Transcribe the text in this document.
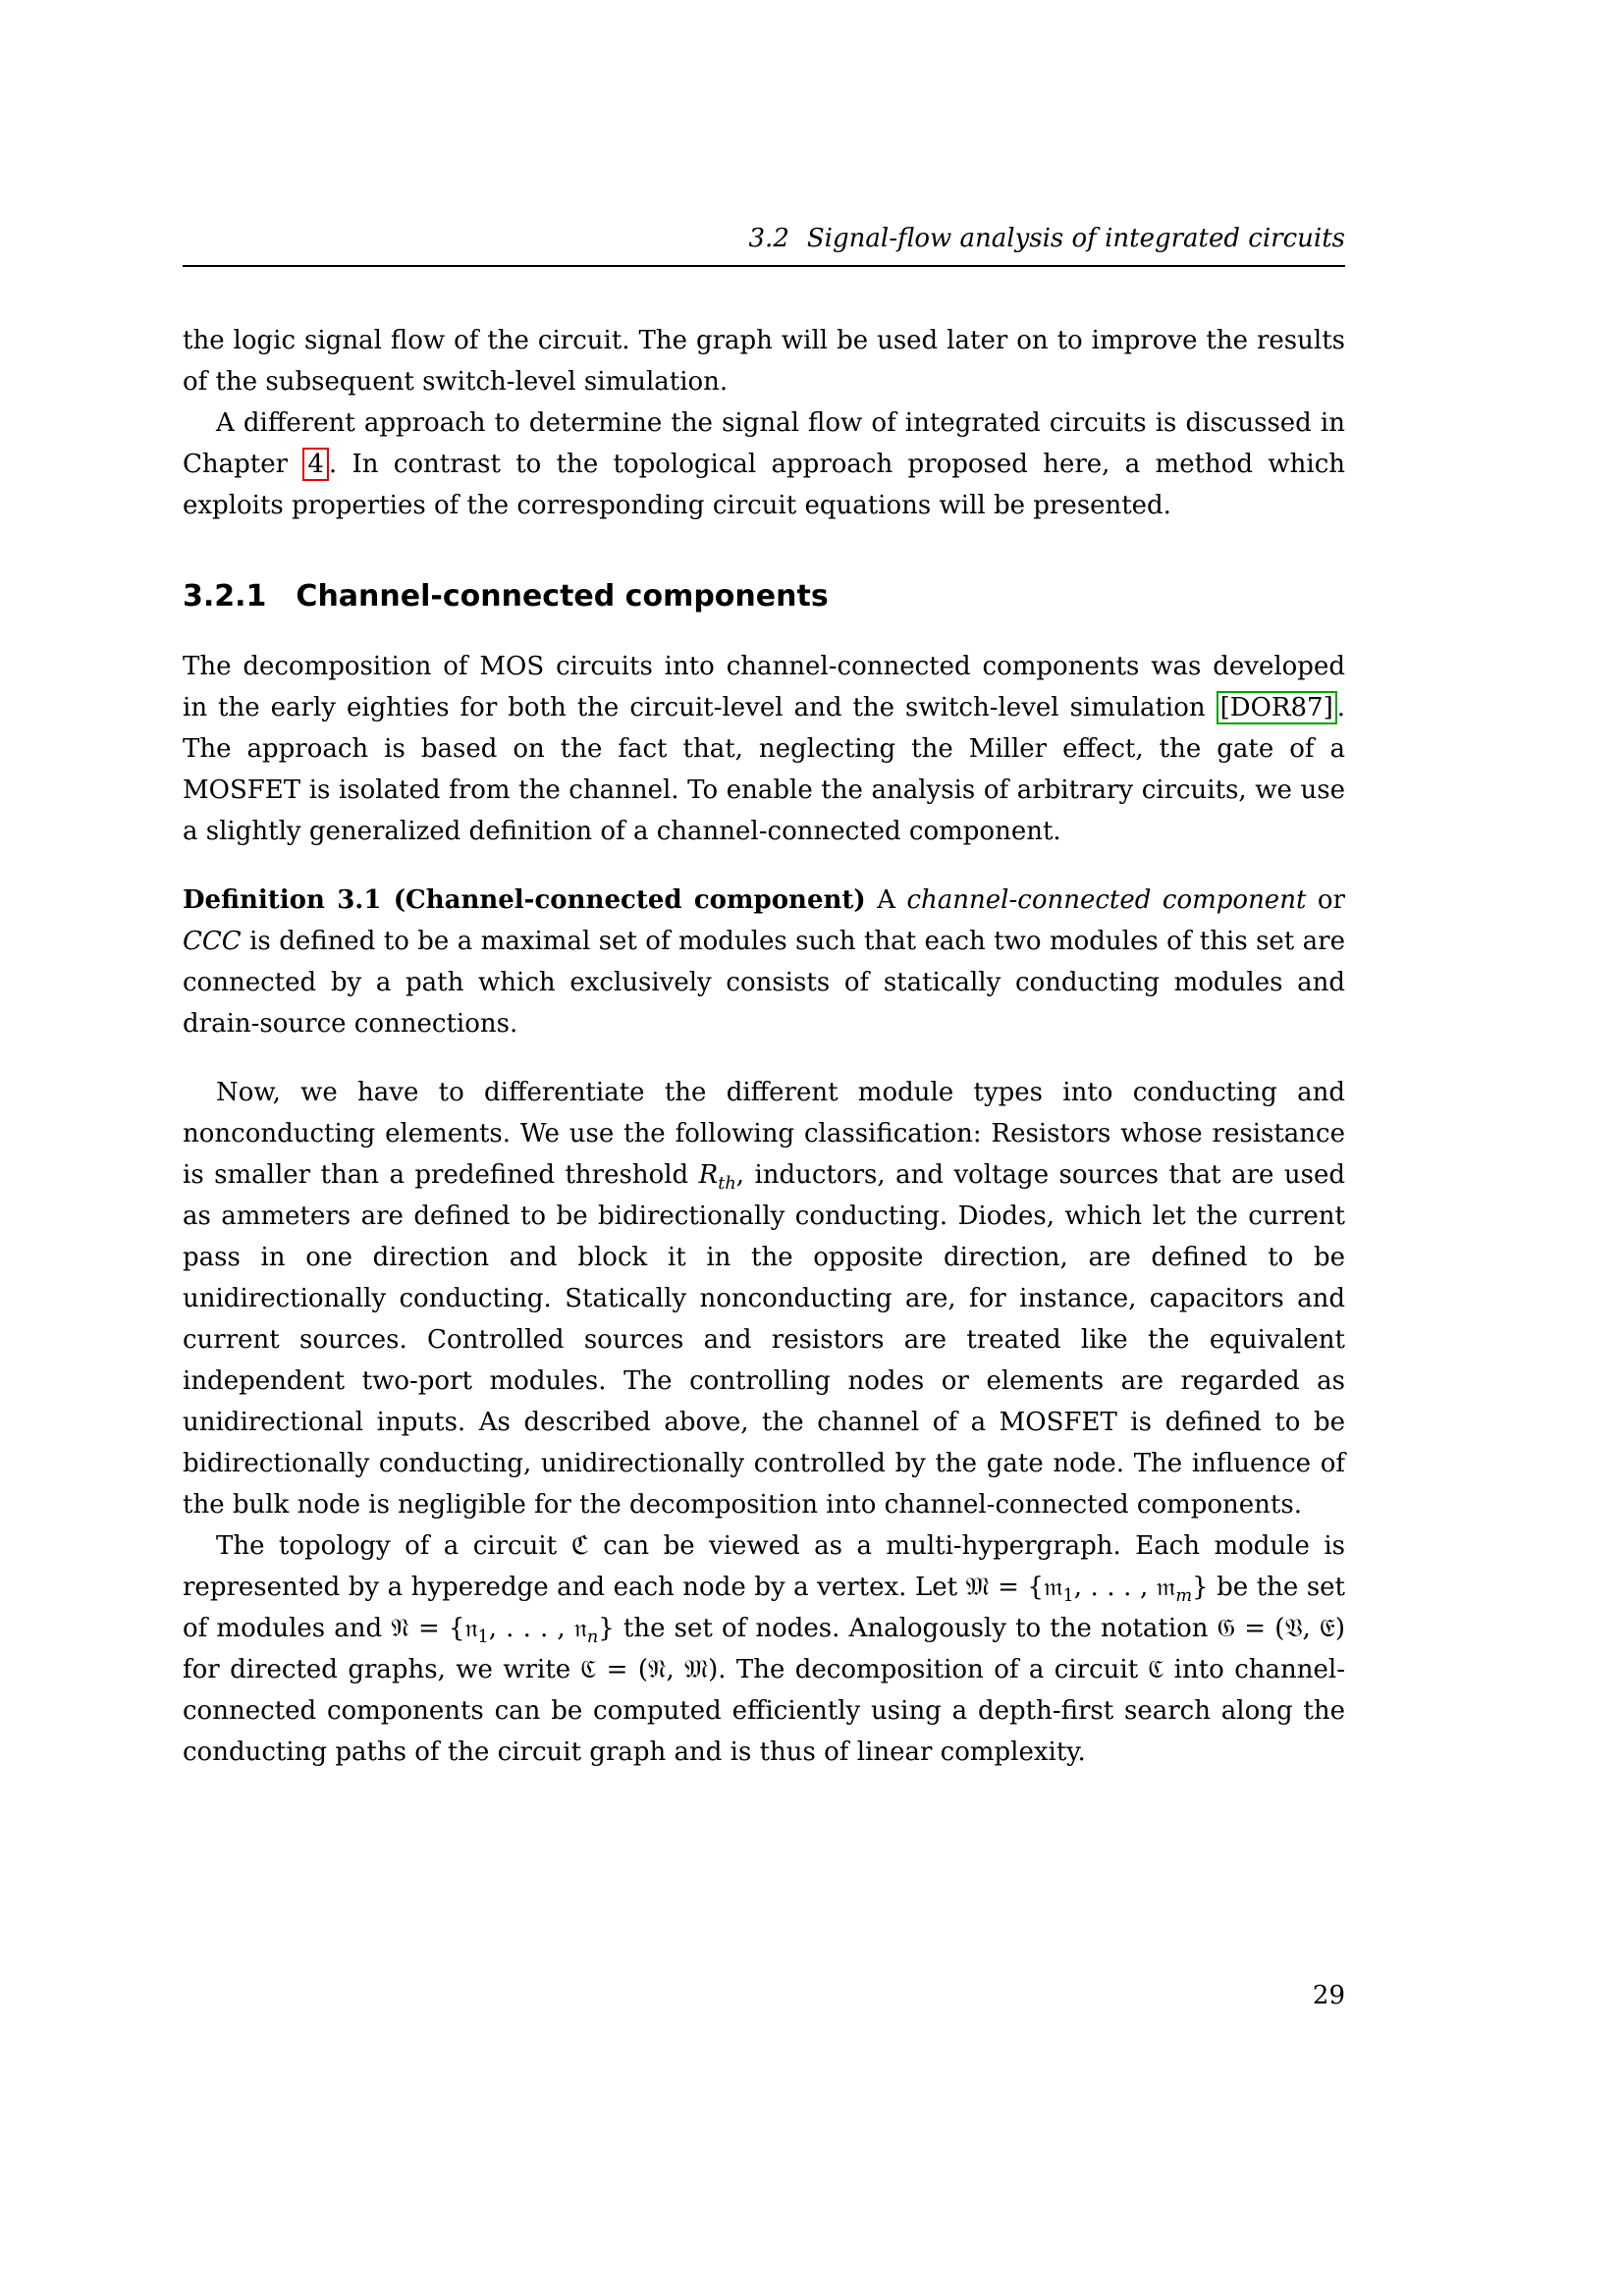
3.2 Signal-flow analysis of integrated circuits

the logic signal flow of the circuit. The graph will be used later on to improve the results of the subsequent switch-level simulation.

A different approach to determine the signal flow of integrated circuits is discussed in Chapter 4 . In contrast to the topological approach proposed here, a method which exploits properties of the corresponding circuit equations will be presented.

3.2.1 Channel-connected components

The decomposition of MOS circuits into channel-connected components was developed in the early eighties for both the circuit-level and the switch-level simulation [DOR87] . The approach is based on the fact that, neglecting the Miller effect, the gate of a MOSFET is isolated from the channel. To enable the analysis of arbitrary circuits, we use a slightly generalized definition of a channel-connected component.

Definition 3.1 (Channel-connected component) A channel-connected component or CCC is defined to be a maximal set of modules such that each two modules of this set are connected by a path which exclusively consists of statically conducting modules and drain-source connections.

Now, we have to differentiate the different module types into conducting and nonconducting elements. We use the following classification: Resistors whose resistance is smaller than a predefined threshold $R_{th}$, inductors, and voltage sources that are used as ammeters are defined to be bidirectionally conducting. Diodes, which let the current pass in one direction and block it in the opposite direction, are defined to be unidirectionally conducting. Statically nonconducting are, for instance, capacitors and current sources. Controlled sources and resistors are treated like the equivalent independent two-port modules. The controlling nodes or elements are regarded as unidirectional inputs. As described above, the channel of a MOSFET is defined to be bidirectionally conducting, unidirectionally controlled by the gate node. The influence of the bulk node is negligible for the decomposition into channel-connected components.

The topology of a circuit ℭ can be viewed as a multi-hypergraph. Each module is represented by a hyperedge and each node by a vertex. Let 𝔐 = {𝔪$_1$, . . . , 𝔪$_m$} be the set of modules and 𝔑 = {𝔫$_1$, . . . , 𝔫$_n$} the set of nodes. Analogously to the notation 𝔊 = (𝔙, 𝔈) for directed graphs, we write ℭ = (𝔑, 𝔐). The decomposition of a circuit ℭ into channel-connected components can be computed efficiently using a depth-first search along the conducting paths of the circuit graph and is thus of linear complexity.

29
